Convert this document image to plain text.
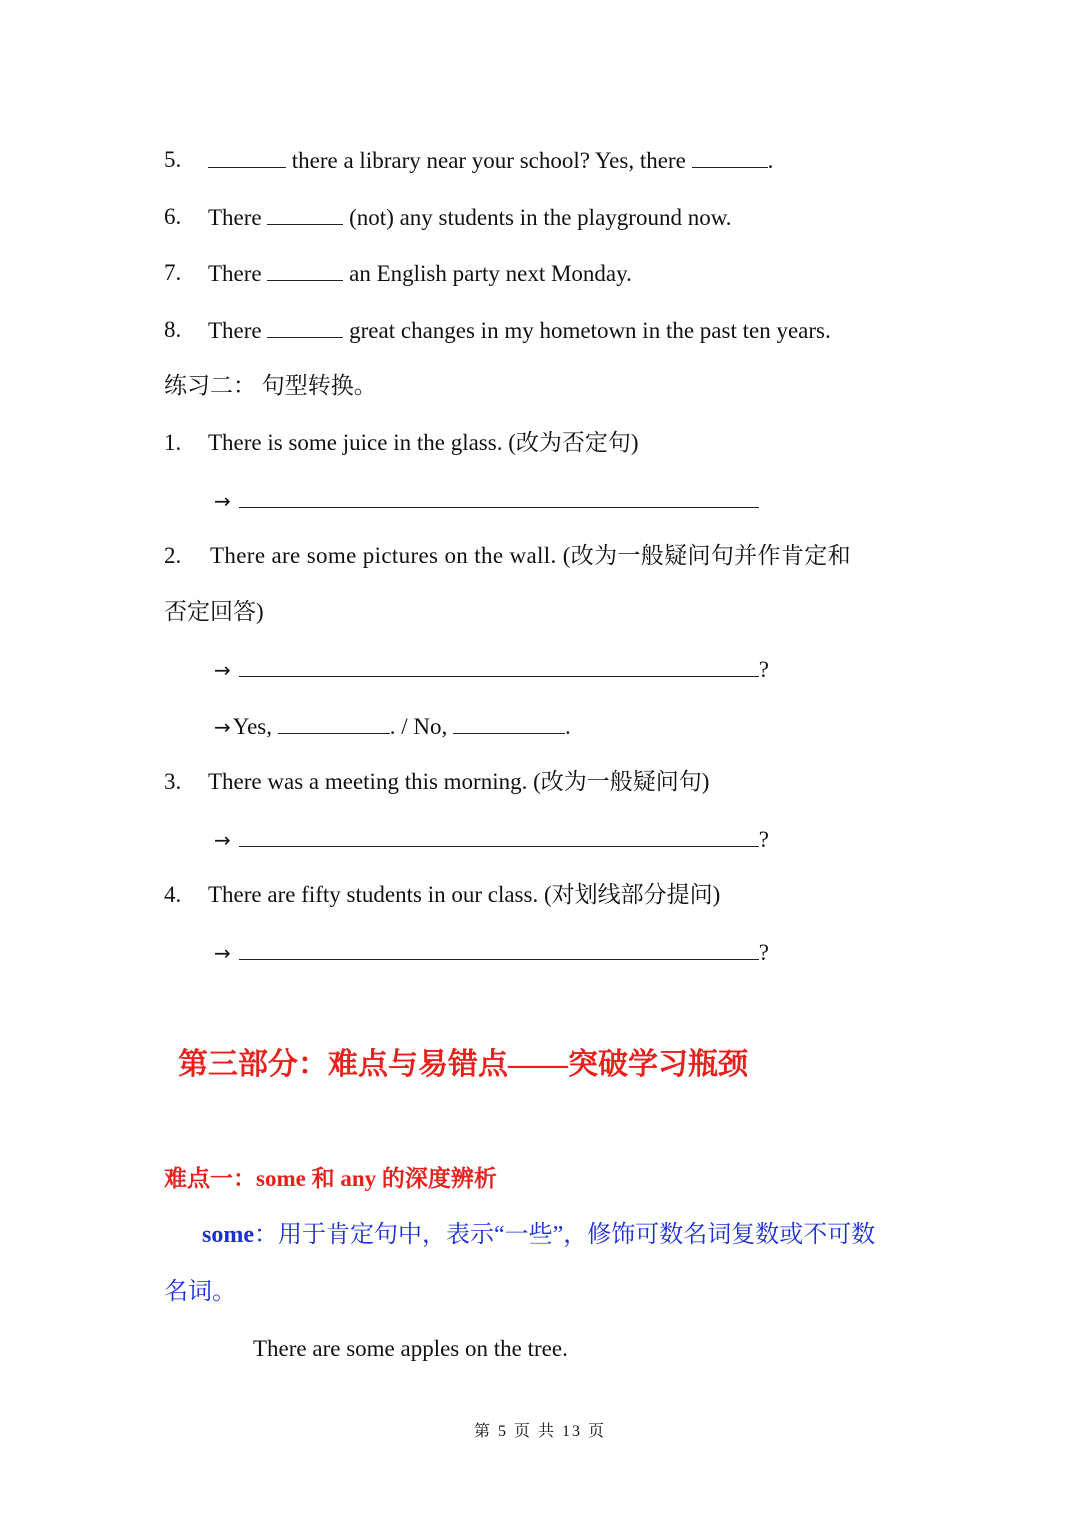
5.	there a library near your school? Yes, there	.
6. There	(not) any students in the playground now.
7. There	an English party next Monday.
8. There	great changes in my hometown in the past ten years.
练习二： 句型转换。
1. There is some juice in the glass. (改为否定句)
→
2. There are some pictures on the wall. (改为一般疑问句并作肯定和
否定回答)
→	?
→Yes,	. / No,	.
3. There was a meeting this morning. (改为一般疑问句)
→	?
4. There are fifty students in our class. (对划线部分提问)
→	?
第三部分：难点与易错点——突破学习瓶颈
难点一：some 和 any 的深度辨析
some：用于肯定句中，表示“一些”，修饰可数名词复数或不可数
名词。
There are some apples on the tree.
第 5 页 共 13 页
